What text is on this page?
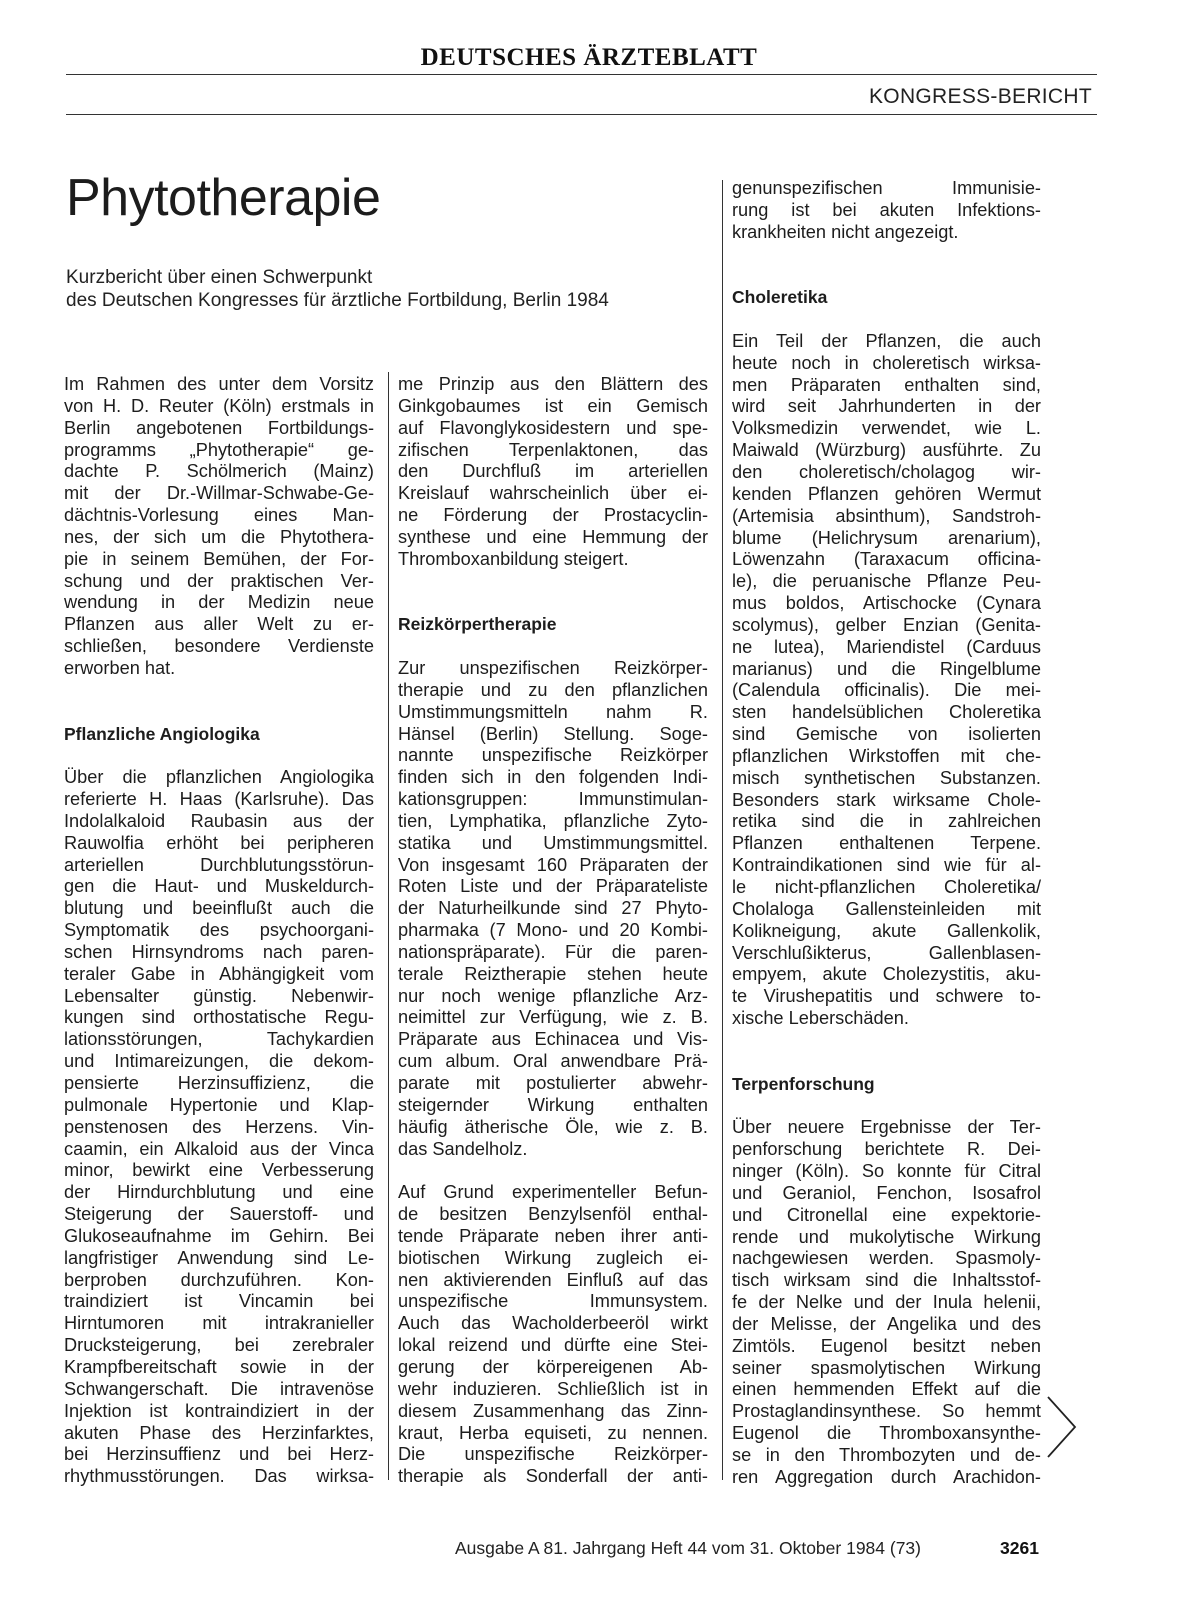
DEUTSCHES ÄRZTEBLATT
KONGRESS-BERICHT
Phytotherapie
Kurzbericht über einen Schwerpunkt
des Deutschen Kongresses für ärztliche Fortbildung, Berlin 1984
Im Rahmen des unter dem Vorsitz
von H. D. Reuter (Köln) erstmals in
Berlin angebotenen Fortbildungs-
programms „Phytotherapie“ ge-
dachte P. Schölmerich (Mainz)
mit der Dr.-Willmar-Schwabe-Ge-
dächtnis-Vorlesung eines Man-
nes, der sich um die Phytothera-
pie in seinem Bemühen, der For-
schung und der praktischen Ver-
wendung in der Medizin neue
Pflanzen aus aller Welt zu er-
schließen, besondere Verdienste
erworben hat.
Pflanzliche Angiologika
Über die pflanzlichen Angiologika
referierte H. Haas (Karlsruhe). Das
Indolalkaloid Raubasin aus der
Rauwolfia erhöht bei peripheren
arteriellen Durchblutungsstörun-
gen die Haut- und Muskeldurch-
blutung und beeinflußt auch die
Symptomatik des psychoorgani-
schen Hirnsyndroms nach paren-
teraler Gabe in Abhängigkeit vom
Lebensalter günstig. Nebenwir-
kungen sind orthostatische Regu-
lationsstörungen, Tachykardien
und Intimareizungen, die dekom-
pensierte Herzinsuffizienz, die
pulmonale Hypertonie und Klap-
penstenosen des Herzens. Vin-
caamin, ein Alkaloid aus der Vinca
minor, bewirkt eine Verbesserung
der Hirndurchblutung und eine
Steigerung der Sauerstoff- und
Glukoseaufnahme im Gehirn. Bei
langfristiger Anwendung sind Le-
berproben durchzuführen. Kon-
traindiziert ist Vincamin bei
Hirntumoren mit intrakranieller
Drucksteigerung, bei zerebraler
Krampfbereitschaft sowie in der
Schwangerschaft. Die intravenöse
Injektion ist kontraindiziert in der
akuten Phase des Herzinfarktes,
bei Herzinsuffienz und bei Herz-
rhythmusstörungen. Das wirksa-
me Prinzip aus den Blättern des
Ginkgobaumes ist ein Gemisch
auf Flavonglykosidestern und spe-
zifischen Terpenlaktonen, das
den Durchfluß im arteriellen
Kreislauf wahrscheinlich über ei-
ne Förderung der Prostacyclin-
synthese und eine Hemmung der
Thromboxanbildung steigert.
Reizkörpertherapie
Zur unspezifischen Reizkörper-
therapie und zu den pflanzlichen
Umstimmungsmitteln nahm R.
Hänsel (Berlin) Stellung. Soge-
nannte unspezifische Reizkörper
finden sich in den folgenden Indi-
kationsgruppen: Immunstimulan-
tien, Lymphatika, pflanzliche Zyto-
statika und Umstimmungsmittel.
Von insgesamt 160 Präparaten der
Roten Liste und der Präparateliste
der Naturheilkunde sind 27 Phyto-
pharmaka (7 Mono- und 20 Kombi-
nationspräparate). Für die paren-
terale Reiztherapie stehen heute
nur noch wenige pflanzliche Arz-
neimittel zur Verfügung, wie z. B.
Präparate aus Echinacea und Vis-
cum album. Oral anwendbare Prä-
parate mit postulierter abwehr-
steigernder Wirkung enthalten
häufig ätherische Öle, wie z. B.
das Sandelholz.
Auf Grund experimenteller Befun-
de besitzen Benzylsenföl enthal-
tende Präparate neben ihrer anti-
biotischen Wirkung zugleich ei-
nen aktivierenden Einfluß auf das
unspezifische Immunsystem.
Auch das Wacholderbeeröl wirkt
lokal reizend und dürfte eine Stei-
gerung der körpereigenen Ab-
wehr induzieren. Schließlich ist in
diesem Zusammenhang das Zinn-
kraut, Herba equiseti, zu nennen.
Die unspezifische Reizkörper-
therapie als Sonderfall der anti-
genunspezifischen Immunisie-
rung ist bei akuten Infektions-
krankheiten nicht angezeigt.
Choleretika
Ein Teil der Pflanzen, die auch
heute noch in choleretisch wirksa-
men Präparaten enthalten sind,
wird seit Jahrhunderten in der
Volksmedizin verwendet, wie L.
Maiwald (Würzburg) ausführte. Zu
den choleretisch/cholagog wir-
kenden Pflanzen gehören Wermut
(Artemisia absinthum), Sandstroh-
blume (Helichrysum arenarium),
Löwenzahn (Taraxacum officina-
le), die peruanische Pflanze Peu-
mus boldos, Artischocke (Cynara
scolymus), gelber Enzian (Genita-
ne lutea), Mariendistel (Carduus
marianus) und die Ringelblume
(Calendula officinalis). Die mei-
sten handelsüblichen Choleretika
sind Gemische von isolierten
pflanzlichen Wirkstoffen mit che-
misch synthetischen Substanzen.
Besonders stark wirksame Chole-
retika sind die in zahlreichen
Pflanzen enthaltenen Terpene.
Kontraindikationen sind wie für al-
le nicht-pflanzlichen Choleretika/
Cholaloga Gallensteinleiden mit
Kolikneigung, akute Gallenkolik,
Verschlußikterus, Gallenblasen-
empyem, akute Cholezystitis, aku-
te Virushepatitis und schwere to-
xische Leberschäden.
Terpenforschung
Über neuere Ergebnisse der Ter-
penforschung berichtete R. Dei-
ninger (Köln). So konnte für Citral
und Geraniol, Fenchon, Isosafrol
und Citronellal eine expektorie-
rende und mukolytische Wirkung
nachgewiesen werden. Spasmoly-
tisch wirksam sind die Inhaltsstof-
fe der Nelke und der Inula helenii,
der Melisse, der Angelika und des
Zimtöls. Eugenol besitzt neben
seiner spasmolytischen Wirkung
einen hemmenden Effekt auf die
Prostaglandinsynthese. So hemmt
Eugenol die Thromboxansynthe-
se in den Thrombozyten und de-
ren Aggregation durch Arachidon-
Ausgabe A 81. Jahrgang Heft 44 vom 31. Oktober 1984 (73)	3261
